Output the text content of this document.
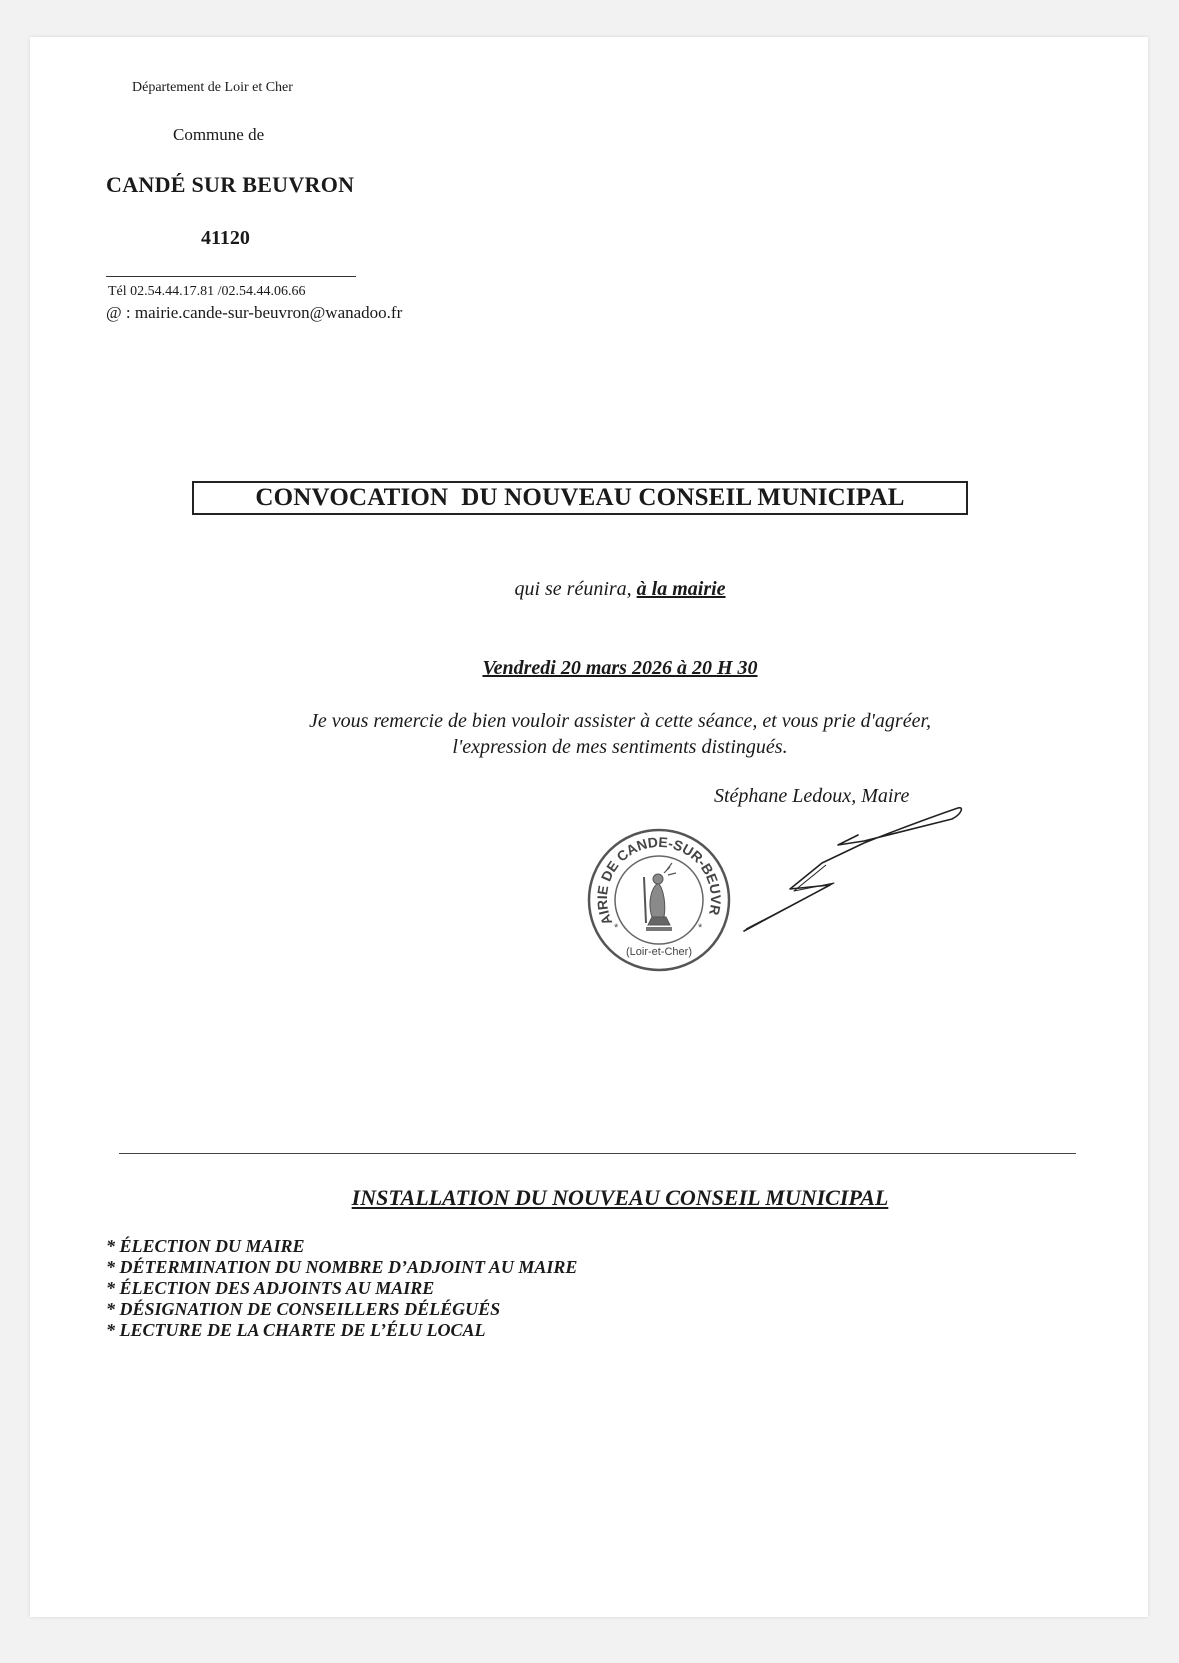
Département de Loir et Cher
Commune de
CANDÉ SUR BEUVRON
41120
Tél 02.54.44.17.81 /02.54.44.06.66
@ : mairie.cande-sur-beuvron@wanadoo.fr
CONVOCATION  DU NOUVEAU CONSEIL MUNICIPAL
qui se réunira, à la mairie
Vendredi 20 mars 2026 à 20 H 30
Je vous remercie de bien vouloir assister à cette séance, et vous prie d'agréer,
l'expression de mes sentiments distingués.
Stéphane Ledoux, Maire
AIRIE DE CANDE-SUR-BEUVR
*	*
(Loir-et-Cher)
INSTALLATION DU NOUVEAU CONSEIL MUNICIPAL
* ÉLECTION DU MAIRE
* DÉTERMINATION DU NOMBRE D’ADJOINT AU MAIRE
* ÉLECTION DES ADJOINTS AU MAIRE
* DÉSIGNATION DE CONSEILLERS DÉLÉGUÉS
* LECTURE DE LA CHARTE DE L’ÉLU LOCAL
